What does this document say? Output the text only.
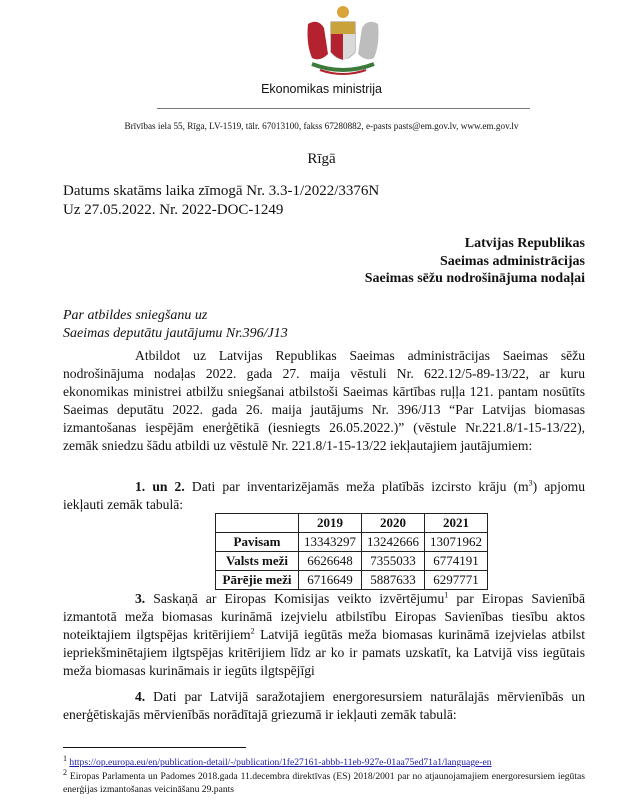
Ekonomikas ministrija
Brīvības iela 55, Rīga, LV-1519, tālr. 67013100, fakss 67280882, e-pasts pasts@em.gov.lv, www.em.gov.lv
Rīgā
Datums skatāms laika zīmogā Nr. 3.3-1/2022/3376N
Uz 27.05.2022. Nr. 2022-DOC-1249
Latvijas Republikas
Saeimas administrācijas
Saeimas sēžu nodrošinājuma nodaļai
Par atbildes sniegšanu uz
Saeimas deputātu jautājumu Nr.396/J13
Atbildot uz Latvijas Republikas Saeimas administrācijas Saeimas sēžu nodrošinājuma nodaļas 2022. gada 27. maija vēstuli Nr. 622.12/5-89-13/22, ar kuru ekonomikas ministrei atbilžu sniegšanai atbilstoši Saeimas kārtības ruļļa 121. pantam nosūtīts Saeimas deputātu 2022. gada 26. maija jautājums Nr. 396/J13 “Par Latvijas biomasas izmantošanas iespējām enerģētikā (iesniegts 26.05.2022.)” (vēstule Nr.221.8/1-15-13/22), zemāk sniedzu šādu atbildi uz vēstulē Nr. 221.8/1-15-13/22 iekļautajiem jautājumiem:
1. un 2. Dati par inventarizējamās meža platībās izcirsto krāju $(m^3)$ apjomu iekļauti zemāk tabulā:
	2019	2020	2021
Pavisam	13343297	13242666	13071962
Valsts meži	6626648	7355033	6774191
Pārējie meži	6716649	5887633	6297771
3. Saskaņā ar Eiropas Komisijas veikto izvērtējumu$^1$ par Eiropas Savienībā izmantotā meža biomasas kurināmā izejvielu atbilstību Eiropas Savienības tiesību aktos noteiktajiem ilgtspējas kritērijiem$^2$ Latvijā iegūtās meža biomasas kurināmā izejvielas atbilst iepriekšminētajiem ilgtspējas kritērijiem līdz ar ko ir pamats uzskatīt, ka Latvijā viss iegūtais meža biomasas kurināmais ir iegūts ilgtspējīgi
4. Dati par Latvijā saražotajiem energoresursiem naturālajās mērvienībās un enerģētiskajās mērvienībās norādītajā griezumā ir iekļauti zemāk tabulā:
$^1$ https://op.europa.eu/en/publication-detail/-/publication/1fe27161-abbb-11eb-927e-01aa75ed71a1/language-en
$^2$ Eiropas Parlamenta un Padomes 2018.gada 11.decembra direktīvas (ES) 2018/2001 par no atjaunojamajiem energoresursiem iegūtas enerģijas izmantošanas veicināšanu 29.pants
